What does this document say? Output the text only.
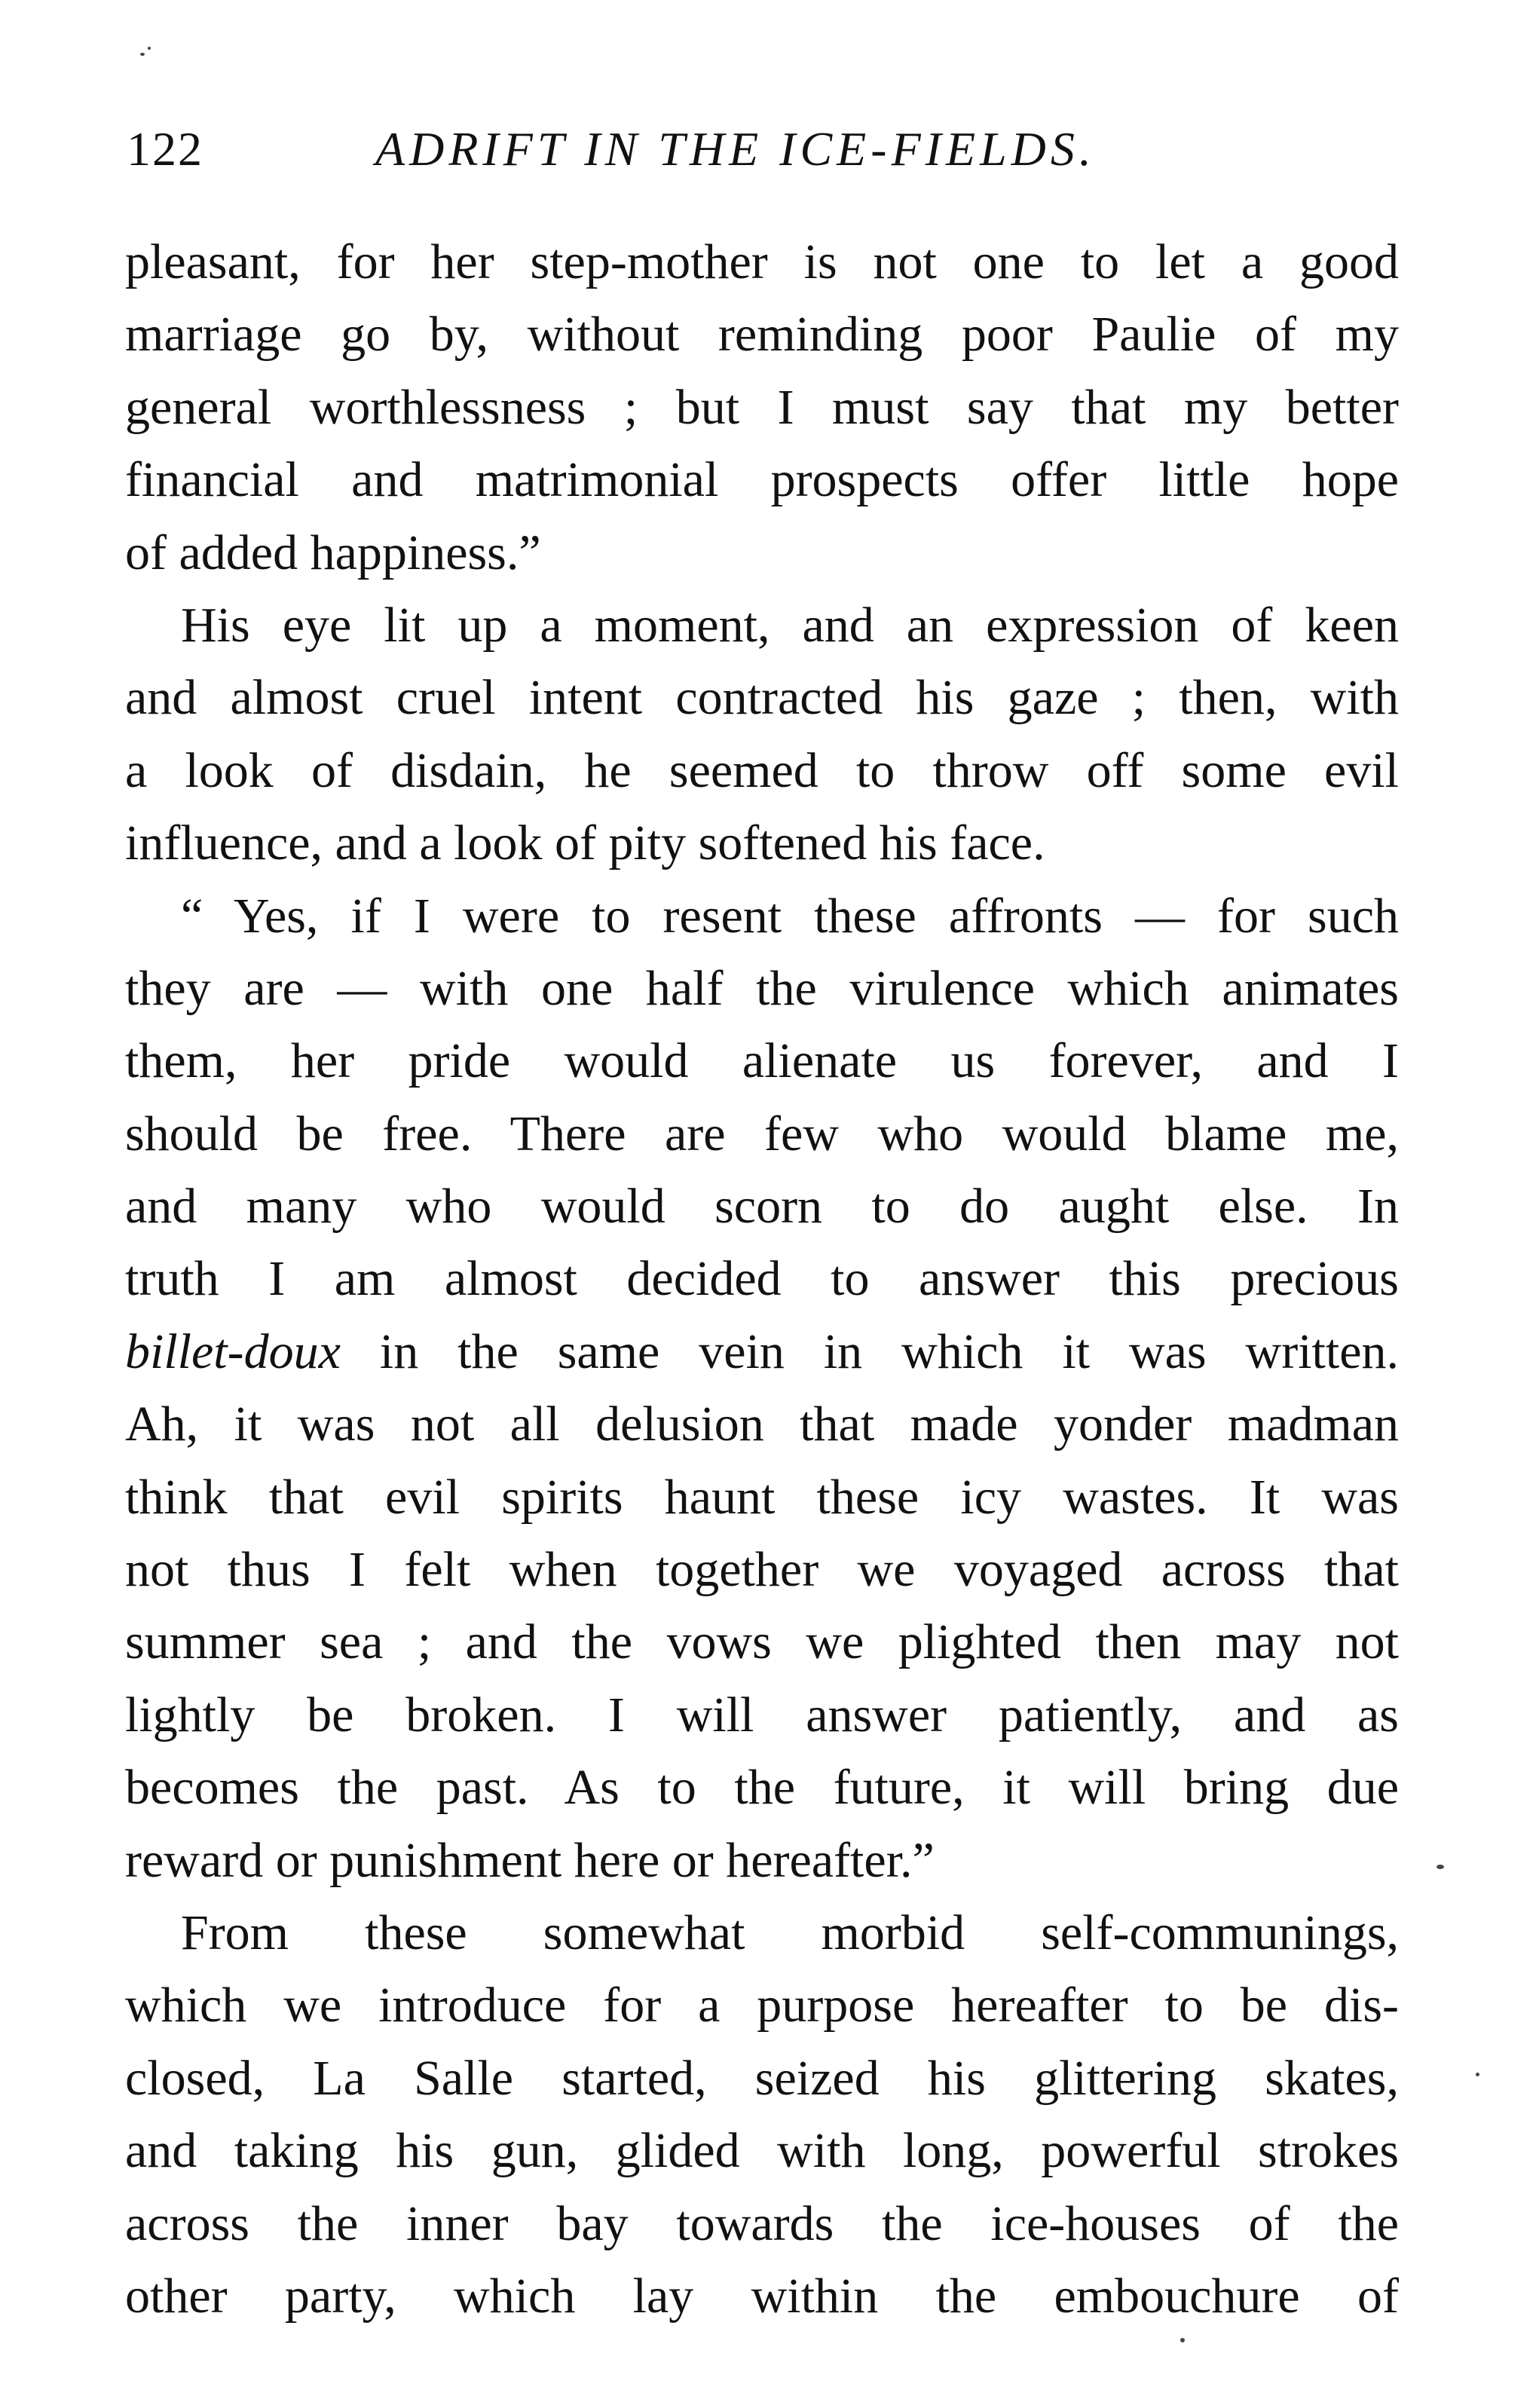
122	ADRIFT IN THE ICE-FIELDS.
pleasant, for her step-mother is not one to let a good
marriage go by, without reminding poor Paulie of my
general worthlessness ; but I must say that my better
financial and matrimonial prospects offer little hope
of added happiness.”
His eye lit up a moment, and an expression of keen
and almost cruel intent contracted his gaze ; then, with
a look of disdain, he seemed to throw off some evil
influence, and a look of pity softened his face.
“ Yes, if I were to resent these affronts — for such
they are — with one half the virulence which animates
them, her pride would alienate us forever, and I
should be free. There are few who would blame me,
and many who would scorn to do aught else. In
truth I am almost decided to answer this precious
billet-doux in the same vein in which it was written.
Ah, it was not all delusion that made yonder madman
think that evil spirits haunt these icy wastes. It was
not thus I felt when together we voyaged across that
summer sea ; and the vows we plighted then may not
lightly be broken. I will answer patiently, and as
becomes the past. As to the future, it will bring due
reward or punishment here or hereafter.”
From these somewhat morbid self-communings,
which we introduce for a purpose hereafter to be dis-
closed, La Salle started, seized his glittering skates,
and taking his gun, glided with long, powerful strokes
across the inner bay towards the ice-houses of the
other party, which lay within the embouchure of
